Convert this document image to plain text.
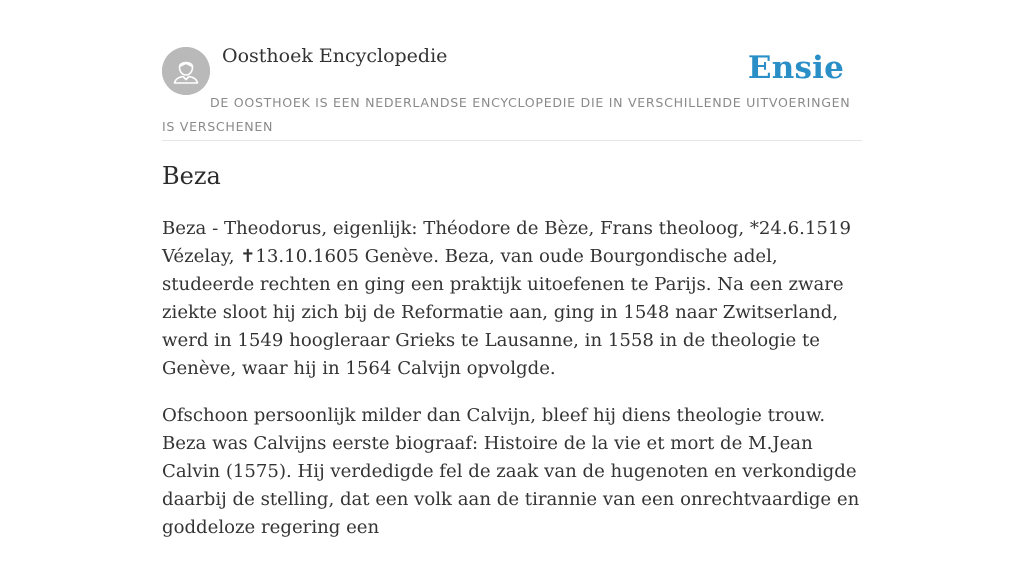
Oosthoek Encyclopedie	Ensie
DE OOSTHOEK IS EEN NEDERLANDSE ENCYCLOPEDIE DIE IN VERSCHILLENDE UITVOERINGEN IS VERSCHENEN
Beza

Beza - Theodorus, eigenlijk: Théodore de Bèze, Frans theoloog, *24.6.1519 Vézelay, ✝13.10.1605 Genève. Beza, van oude Bourgondische adel, studeerde rechten en ging een praktijk uitoefenen te Parijs. Na een zware ziekte sloot hij zich bij de Reformatie aan, ging in 1548 naar Zwitserland, werd in 1549 hoogleraar Grieks te Lausanne, in 1558 in de theologie te Genève, waar hij in 1564 Calvijn opvolgde.

Ofschoon persoonlijk milder dan Calvijn, bleef hij diens theologie trouw. Beza was Calvijns eerste biograaf: Histoire de la vie et mort de M.Jean Calvin (1575). Hij verdedigde fel de zaak van de hugenoten en verkondigde daarbij de stelling, dat een volk aan de tirannie van een onrechtvaardige en goddeloze regering een
